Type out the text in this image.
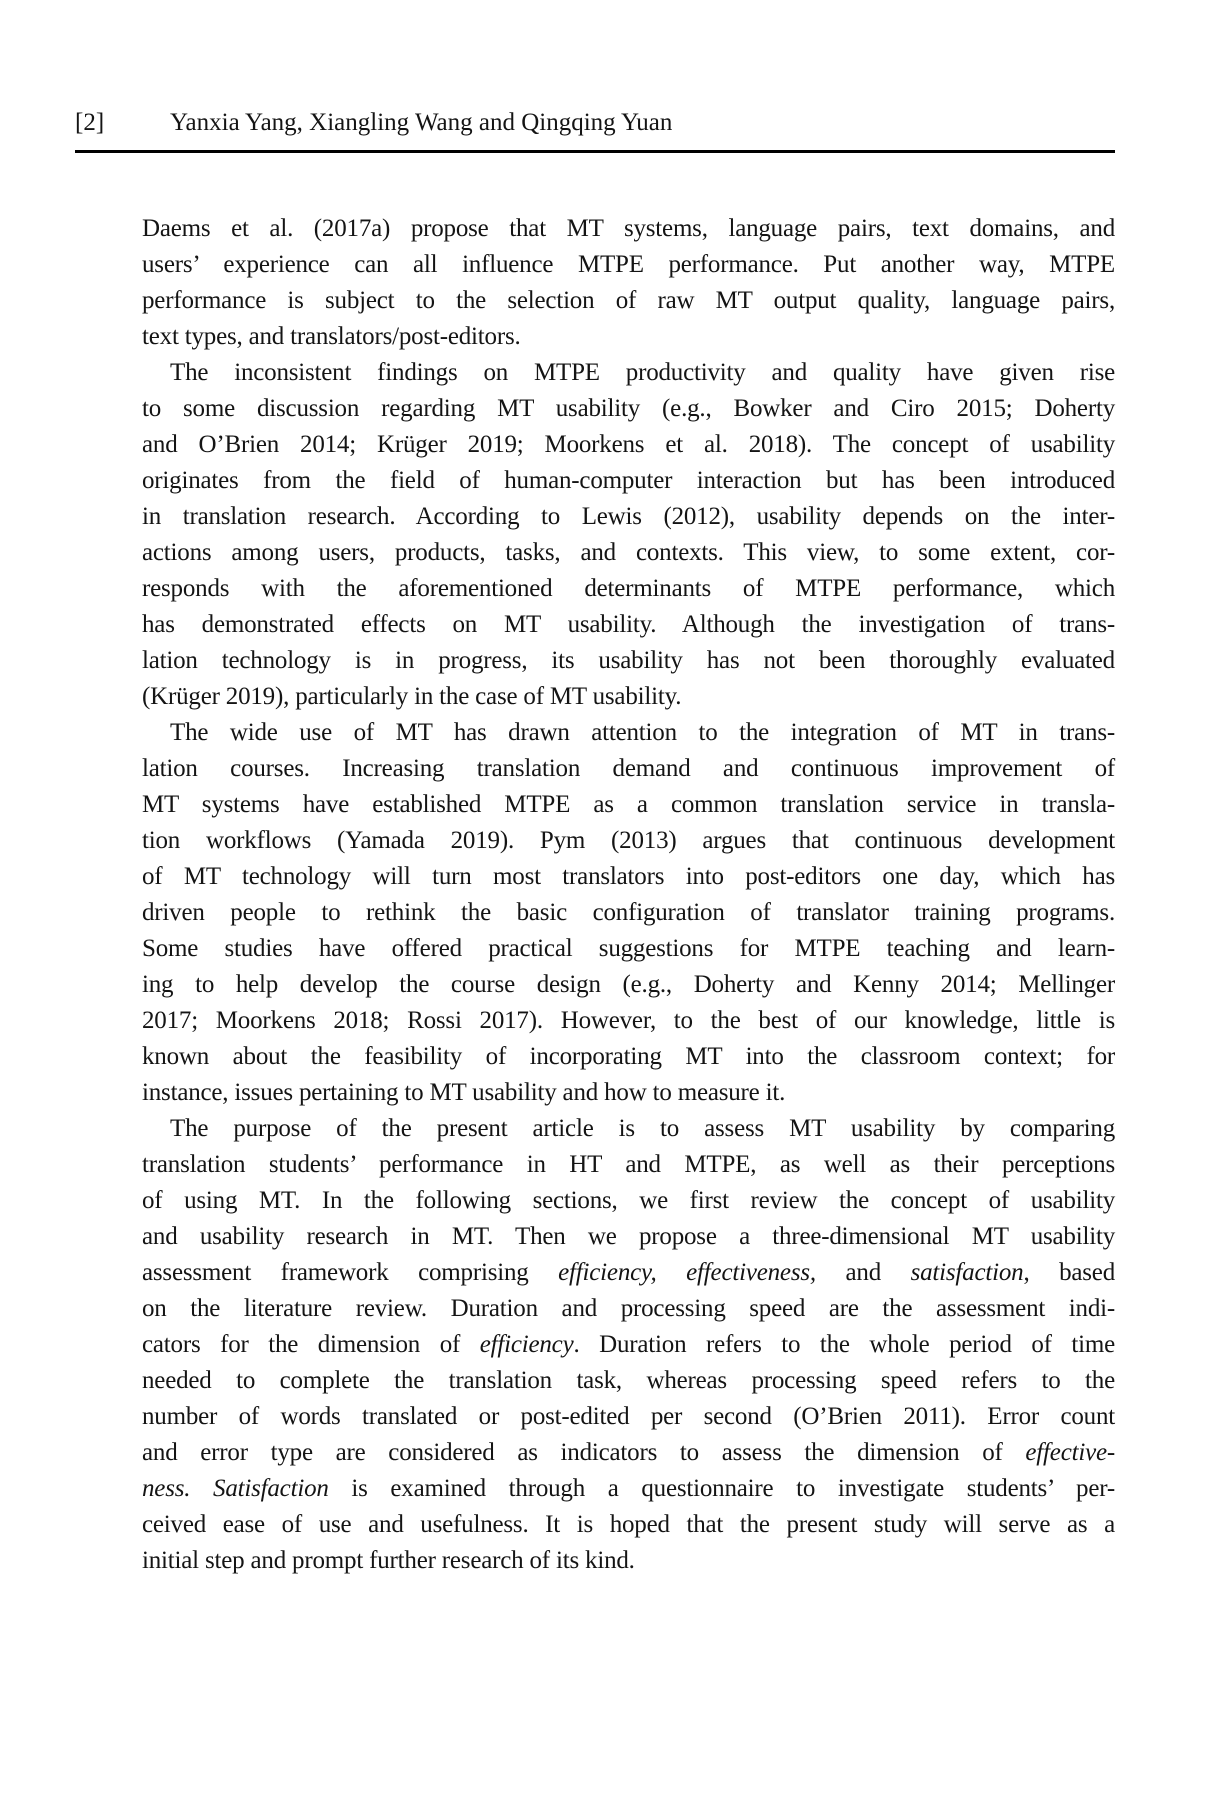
[2]	Yanxia Yang, Xiangling Wang and Qingqing Yuan
Daems et al. (2017a) propose that MT systems, language pairs, text domains, and
users’ experience can all influence MTPE performance. Put another way, MTPE
performance is subject to the selection of raw MT output quality, language pairs,
text types, and translators/post-editors.
The inconsistent findings on MTPE productivity and quality have given rise
to some discussion regarding MT usability (e.g., Bowker and Ciro 2015; Doherty
and O’Brien 2014; Krüger 2019; Moorkens et al. 2018). The concept of usability
originates from the field of human-computer interaction but has been introduced
in translation research. According to Lewis (2012), usability depends on the inter-
actions among users, products, tasks, and contexts. This view, to some extent, cor-
responds with the aforementioned determinants of MTPE performance, which
has demonstrated effects on MT usability. Although the investigation of trans-
lation technology is in progress, its usability has not been thoroughly evaluated
(Krüger 2019), particularly in the case of MT usability.
The wide use of MT has drawn attention to the integration of MT in trans-
lation courses. Increasing translation demand and continuous improvement of
MT systems have established MTPE as a common translation service in transla-
tion workflows (Yamada 2019). Pym (2013) argues that continuous development
of MT technology will turn most translators into post-editors one day, which has
driven people to rethink the basic configuration of translator training programs.
Some studies have offered practical suggestions for MTPE teaching and learn-
ing to help develop the course design (e.g., Doherty and Kenny 2014; Mellinger
2017; Moorkens 2018; Rossi 2017). However, to the best of our knowledge, little is
known about the feasibility of incorporating MT into the classroom context; for
instance, issues pertaining to MT usability and how to measure it.
The purpose of the present article is to assess MT usability by comparing
translation students’ performance in HT and MTPE, as well as their perceptions
of using MT. In the following sections, we first review the concept of usability
and usability research in MT. Then we propose a three-dimensional MT usability
assessment framework comprising efficiency, effectiveness, and satisfaction, based
on the literature review. Duration and processing speed are the assessment indi-
cators for the dimension of efficiency. Duration refers to the whole period of time
needed to complete the translation task, whereas processing speed refers to the
number of words translated or post-edited per second (O’Brien 2011). Error count
and error type are considered as indicators to assess the dimension of effective-
ness. Satisfaction is examined through a questionnaire to investigate students’ per-
ceived ease of use and usefulness. It is hoped that the present study will serve as a
initial step and prompt further research of its kind.
